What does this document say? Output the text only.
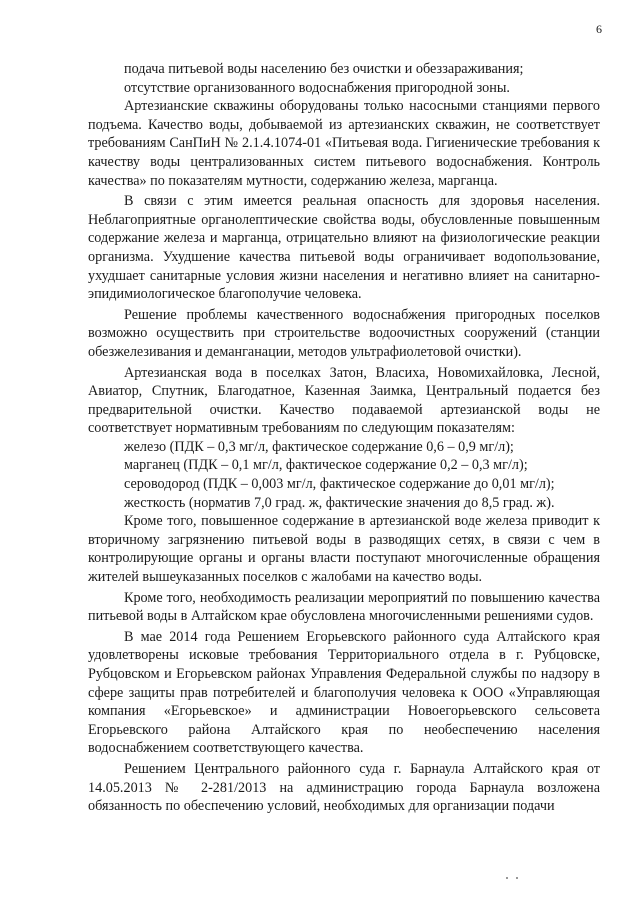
6

подача питьевой воды населению без очистки и обеззараживания;

отсутствие организованного водоснабжения пригородной зоны.

Артезианские скважины оборудованы только насосными станциями первого подъема. Качество воды, добываемой из артезианских скважин, не соответствует требованиям СанПиН № 2.1.4.1074-01 «Питьевая вода. Гигиенические требования к качеству воды централизованных систем питьевого водоснабжения. Контроль качества» по показателям мутности, содержанию железа, марганца.

В связи с этим имеется реальная опасность для здоровья населения. Неблагоприятные органолептические свойства воды, обусловленные повышенным содержание железа и марганца, отрицательно влияют на физиологические реакции организма. Ухудшение качества питьевой воды ограничивает водопользование, ухудшает санитарные условия жизни населения и негативно влияет на санитарно-эпидимиологическое благополучие человека.

Решение проблемы качественного водоснабжения пригородных поселков возможно осуществить при строительстве водоочистных сооружений (станции обезжелезивания и деманганации, методов ультрафиолетовой очистки).

Артезианская вода в поселках Затон, Власиха, Новомихайловка, Лесной, Авиатор, Спутник, Благодатное, Казенная Заимка, Центральный подается без предварительной очистки. Качество подаваемой артезианской воды не соответствует нормативным требованиям по следующим показателям:

железо (ПДК – 0,3 мг/л, фактическое содержание 0,6 – 0,9 мг/л);

марганец (ПДК – 0,1 мг/л, фактическое содержание 0,2 – 0,3 мг/л);

сероводород (ПДК – 0,003 мг/л, фактическое содержание до 0,01 мг/л);

жесткость (норматив 7,0 град. ж, фактические значения до 8,5 град. ж).

Кроме того, повышенное содержание в артезианской воде железа приводит к вторичному загрязнению питьевой воды в разводящих сетях, в связи с чем в контролирующие органы и органы власти поступают многочисленные обращения жителей вышеуказанных поселков с жалобами на качество воды.

Кроме того, необходимость реализации мероприятий по повышению качества питьевой воды в Алтайском крае обусловлена многочисленными решениями судов.

В мае 2014 года Решением Егорьевского районного суда Алтайского края удовлетворены исковые требования Территориального отдела в г. Рубцовске, Рубцовском и Егорьевском районах Управления Федеральной службы по надзору в сфере защиты прав потребителей и благополучия человека к ООО «Управляющая компания «Егорьевское» и администрации Новоегорьевского сельсовета Егорьевского района Алтайского края по необеспечению населения водоснабжением соответствующего качества.

Решением Центрального районного суда г. Барнаула Алтайского края от 14.05.2013 № 2-281/2013 на администрацию города Барнаула возложена обязанность по обеспечению условий, необходимых для организации подачи
